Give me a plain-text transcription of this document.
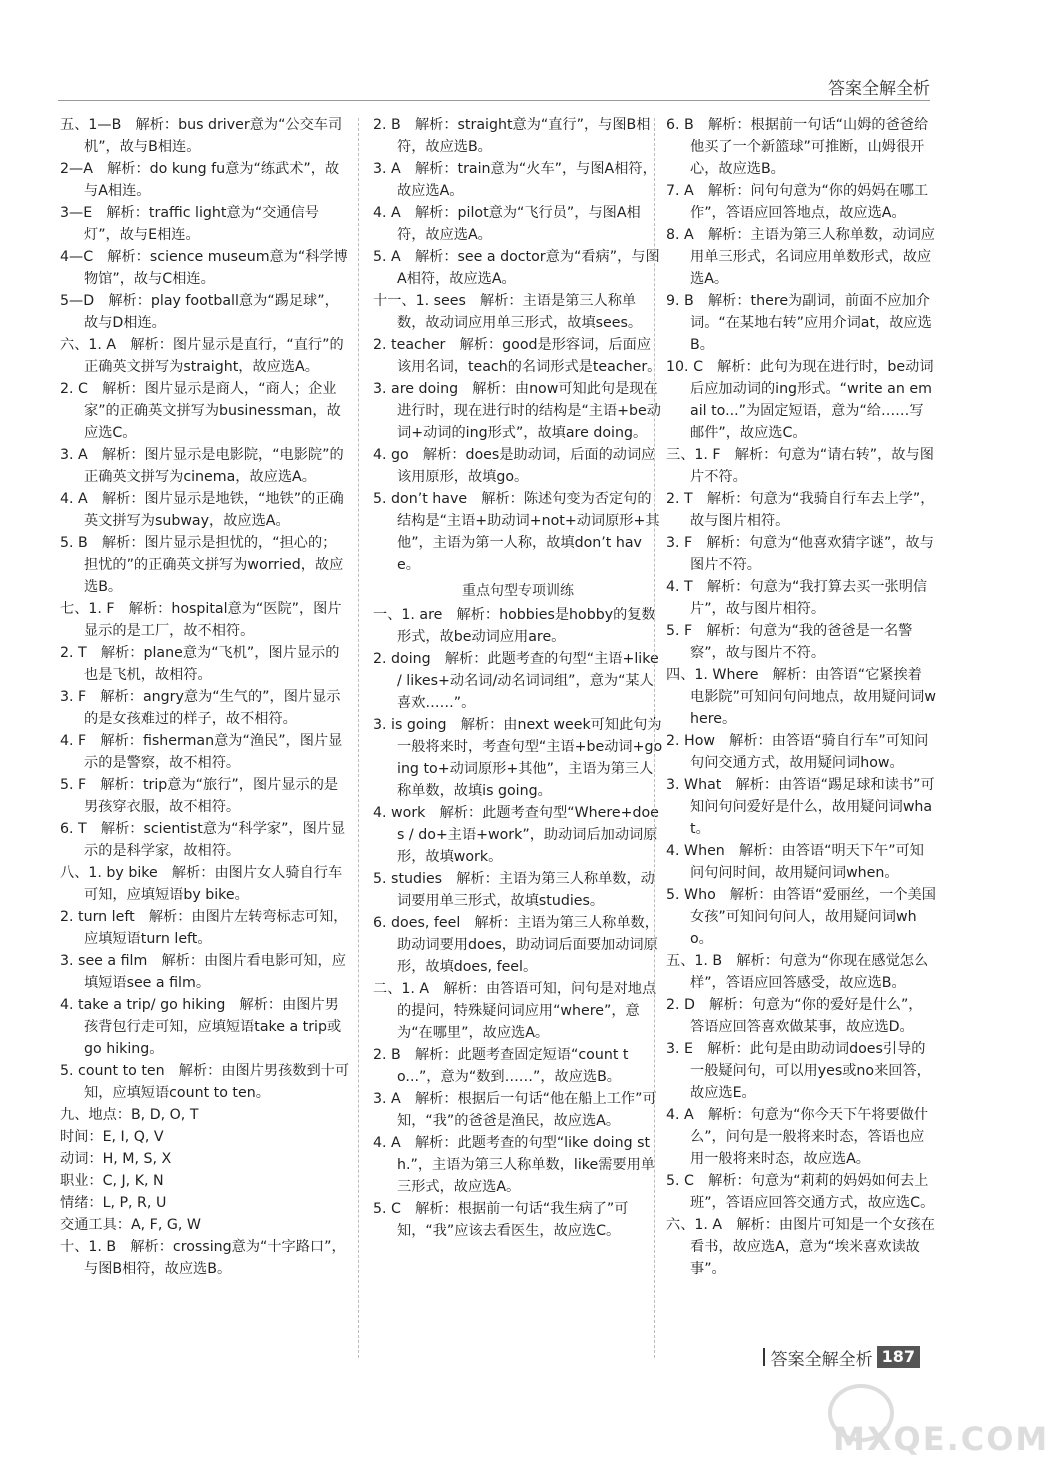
答案全解全析

五、1—B　解析：bus driver意为“公交车司机”，故与B相连。

2—A　解析：do kung fu意为“练武术”，故与A相连。

3—E　解析：traffic light意为“交通信号灯”，故与E相连。

4—C　解析：science museum意为“科学博物馆”，故与C相连。

5—D　解析：play football意为“踢足球”，故与D相连。

六、1. A　解析：图片显示是直行，“直行”的正确英文拼写为straight，故应选A。

2. C　解析：图片显示是商人，“商人；企业家”的正确英文拼写为businessman，故应选C。

3. A　解析：图片显示是电影院，“电影院”的正确英文拼写为cinema，故应选A。

4. A　解析：图片显示是地铁，“地铁”的正确英文拼写为subway，故应选A。

5. B　解析：图片显示是担忧的，“担心的；担忧的”的正确英文拼写为worried，故应选B。

七、1. F　解析：hospital意为“医院”，图片显示的是工厂，故不相符。

2. T　解析：plane意为“飞机”，图片显示的也是飞机，故相符。

3. F　解析：angry意为“生气的”，图片显示的是女孩难过的样子，故不相符。

4. F　解析：fisherman意为“渔民”，图片显示的是警察，故不相符。

5. F　解析：trip意为“旅行”，图片显示的是男孩穿衣服，故不相符。

6. T　解析：scientist意为“科学家”，图片显示的是科学家，故相符。

八、1. by bike　解析：由图片女人骑自行车可知，应填短语by bike。

2. turn left　解析：由图片左转弯标志可知，应填短语turn left。

3. see a film　解析：由图片看电影可知，应填短语see a film。

4. take a trip/ go hiking　解析：由图片男孩背包行走可知，应填短语take a trip或go hiking。

5. count to ten　解析：由图片男孩数到十可知，应填短语count to ten。

九、地点：B, D, O, T

时间：E, I, Q, V

动词：H, M, S, X

职业：C, J, K, N

情绪：L, P, R, U

交通工具：A, F, G, W

十、1. B　解析：crossing意为“十字路口”，与图B相符，故应选B。

2. B　解析：straight意为“直行”，与图B相符，故应选B。

3. A　解析：train意为“火车”，与图A相符，故应选A。

4. A　解析：pilot意为“飞行员”，与图A相符，故应选A。

5. A　解析：see a doctor意为“看病”，与图A相符，故应选A。

十一、1. sees　解析：主语是第三人称单数，故动词应用单三形式，故填sees。

2. teacher　解析：good是形容词，后面应该用名词，teach的名词形式是teacher。

3. are doing　解析：由now可知此句是现在进行时，现在进行时的结构是“主语+be动词+动词的ing形式”，故填are doing。

4. go　解析：does是助动词，后面的动词应该用原形，故填go。

5. don’t have　解析：陈述句变为否定句的结构是“主语+助动词+not+动词原形+其他”，主语为第一人称，故填don’t have。

重点句型专项训练

一、1. are　解析：hobbies是hobby的复数形式，故be动词应用are。

2. doing　解析：此题考查的句型“主语+like / likes+动名词/动名词词组”，意为“某人喜欢……”。

3. is going　解析：由next week可知此句为一般将来时，考查句型“主语+be动词+going to+动词原形+其他”，主语为第三人称单数，故填is going。

4. work　解析：此题考查句型“Where+does / do+主语+work”，助动词后加动词原形，故填work。

5. studies　解析：主语为第三人称单数，动词要用单三形式，故填studies。

6. does, feel　解析：主语为第三人称单数，助动词要用does，助动词后面要加动词原形，故填does, feel。

二、1. A　解析：由答语可知，问句是对地点的提问，特殊疑问词应用“where”，意为“在哪里”，故应选A。

2. B　解析：此题考查固定短语“count to...”，意为“数到……”，故应选B。

3. A　解析：根据后一句话“他在船上工作”可知，“我”的爸爸是渔民，故应选A。

4. A　解析：此题考查的句型“like doing sth.”，主语为第三人称单数，like需要用单三形式，故应选A。

5. C　解析：根据前一句话“我生病了”可知，“我”应该去看医生，故应选C。

6. B　解析：根据前一句话“山姆的爸爸给他买了一个新篮球”可推断，山姆很开心，故应选B。

7. A　解析：问句句意为“你的妈妈在哪工作”，答语应回答地点，故应选A。

8. A　解析：主语为第三人称单数，动词应用单三形式，名词应用单数形式，故应选A。

9. B　解析：there为副词，前面不应加介词。“在某地右转”应用介词at，故应选B。

10. C　解析：此句为现在进行时，be动词后应加动词的ing形式。“write an email to...”为固定短语，意为“给……写邮件”，故应选C。

三、1. F　解析：句意为“请右转”，故与图片不符。

2. T　解析：句意为“我骑自行车去上学”，故与图片相符。

3. F　解析：句意为“他喜欢猜字谜”，故与图片不符。

4. T　解析：句意为“我打算去买一张明信片”，故与图片相符。

5. F　解析：句意为“我的爸爸是一名警察”，故与图片不符。

四、1. Where　解析：由答语“它紧挨着电影院”可知问句问地点，故用疑问词where。

2. How　解析：由答语“骑自行车”可知问句问交通方式，故用疑问词how。

3. What　解析：由答语“踢足球和读书”可知问句问爱好是什么，故用疑问词what。

4. When　解析：由答语“明天下午”可知问句问时间，故用疑问词when。

5. Who　解析：由答语“爱丽丝，一个美国女孩”可知问句问人，故用疑问词who。

五、1. B　解析：句意为“你现在感觉怎么样”，答语应回答感受，故应选B。

2. D　解析：句意为“你的爱好是什么”，答语应回答喜欢做某事，故应选D。

3. E　解析：此句是由助动词does引导的一般疑问句，可以用yes或no来回答，故应选E。

4. A　解析：句意为“你今天下午将要做什么”，问句是一般将来时态，答语也应用一般将来时态，故应选A。

5. C　解析：句意为“莉莉的妈妈如何去上班”，答语应回答交通方式，故应选C。

六、1. A　解析：由图片可知是一个女孩在看书，故应选A，意为“埃米喜欢读故事”。

答案全解全析 187
MXQE.COM
